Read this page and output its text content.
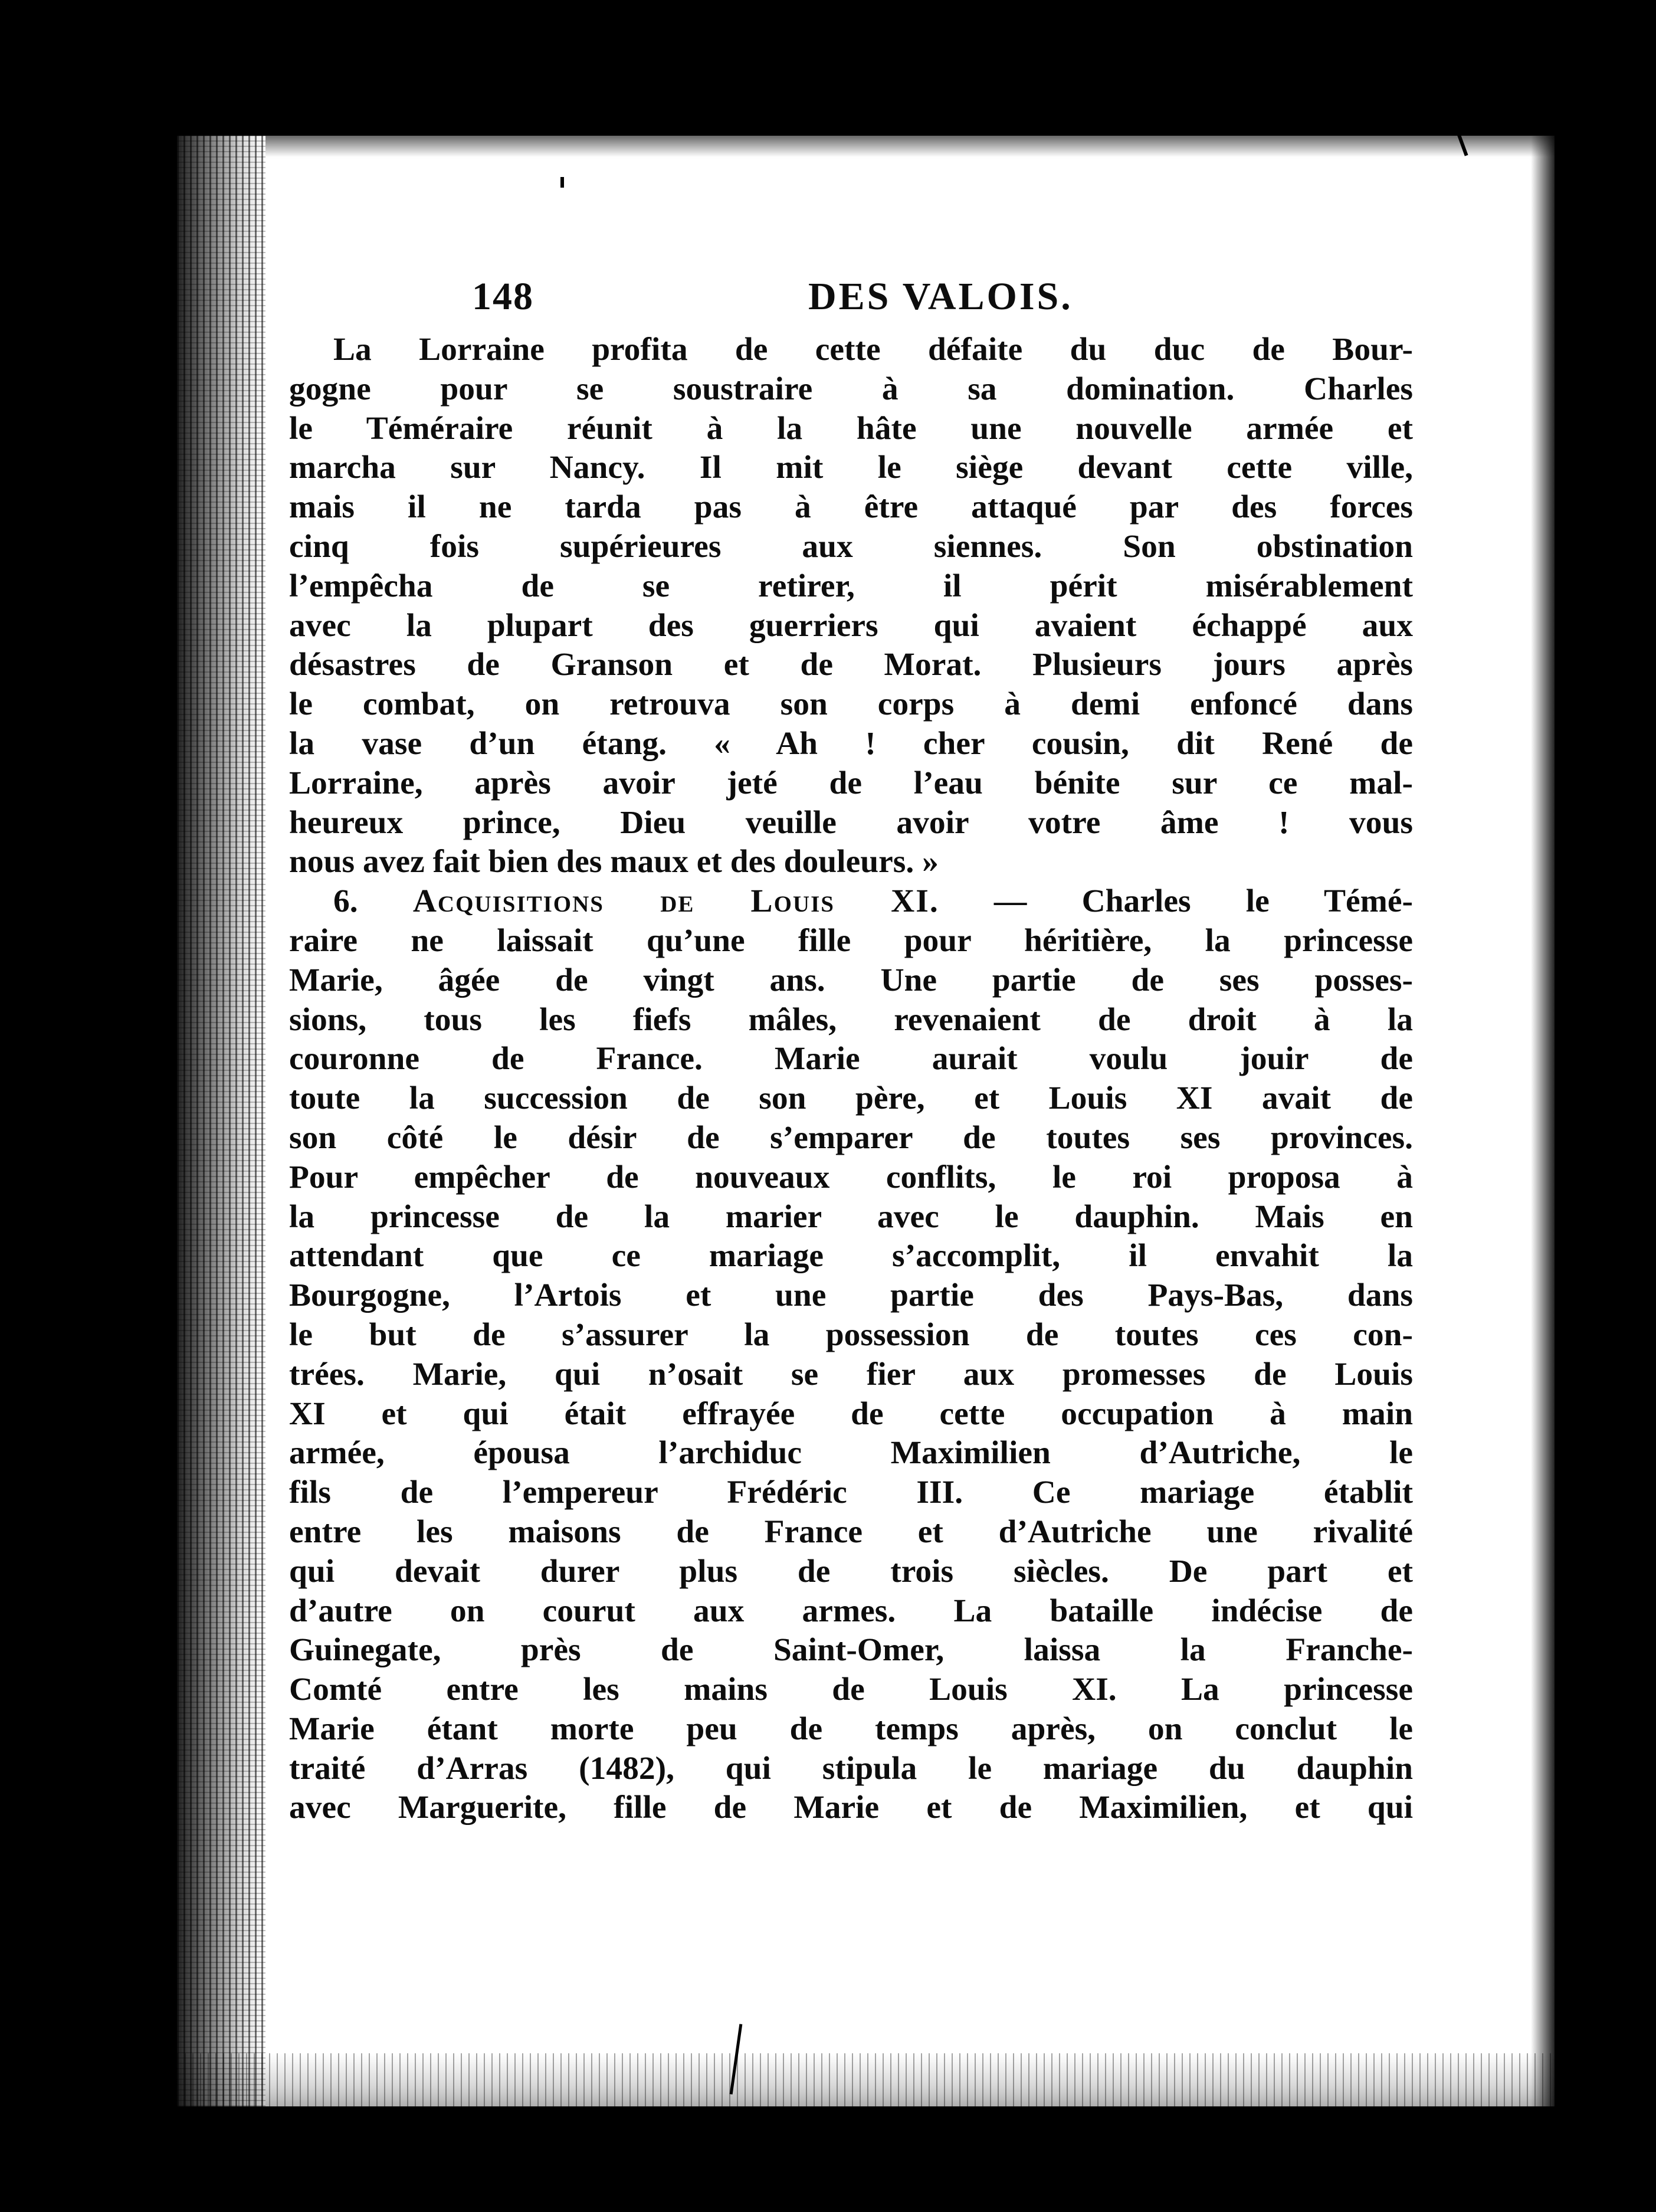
148	DES VALOIS.

La Lorraine profita de cette défaite du duc de Bour-
gogne pour se soustraire à sa domination. Charles
le Téméraire réunit à la hâte une nouvelle armée et
marcha sur Nancy. Il mit le siège devant cette ville,
mais il ne tarda pas à être attaqué par des forces
cinq fois supérieures aux siennes. Son obstination
l’empêcha de se retirer, il périt misérablement
avec la plupart des guerriers qui avaient échappé aux
désastres de Granson et de Morat. Plusieurs jours après
le combat, on retrouva son corps à demi enfoncé dans
la vase d’un étang. « Ah ! cher cousin, dit René de
Lorraine, après avoir jeté de l’eau bénite sur ce mal-
heureux prince, Dieu veuille avoir votre âme ! vous
nous avez fait bien des maux et des douleurs. »

6. Acquisitions de Louis XI. — Charles le Témé-
raire ne laissait qu’une fille pour héritière, la princesse
Marie, âgée de vingt ans. Une partie de ses posses-
sions, tous les fiefs mâles, revenaient de droit à la
couronne de France. Marie aurait voulu jouir de
toute la succession de son père, et Louis XI avait de
son côté le désir de s’emparer de toutes ses provinces.
Pour empêcher de nouveaux conflits, le roi proposa à
la princesse de la marier avec le dauphin. Mais en
attendant que ce mariage s’accomplit, il envahit la
Bourgogne, l’Artois et une partie des Pays-Bas, dans
le but de s’assurer la possession de toutes ces con-
trées. Marie, qui n’osait se fier aux promesses de Louis
XI et qui était effrayée de cette occupation à main
armée, épousa l’archiduc Maximilien d’Autriche, le
fils de l’empereur Frédéric III. Ce mariage établit
entre les maisons de France et d’Autriche une rivalité
qui devait durer plus de trois siècles. De part et
d’autre on courut aux armes. La bataille indécise de
Guinegate, près de Saint-Omer, laissa la Franche-
Comté entre les mains de Louis XI. La princesse
Marie étant morte peu de temps après, on conclut le
traité d’Arras (1482), qui stipula le mariage du dauphin
avec Marguerite, fille de Marie et de Maximilien, et qui
